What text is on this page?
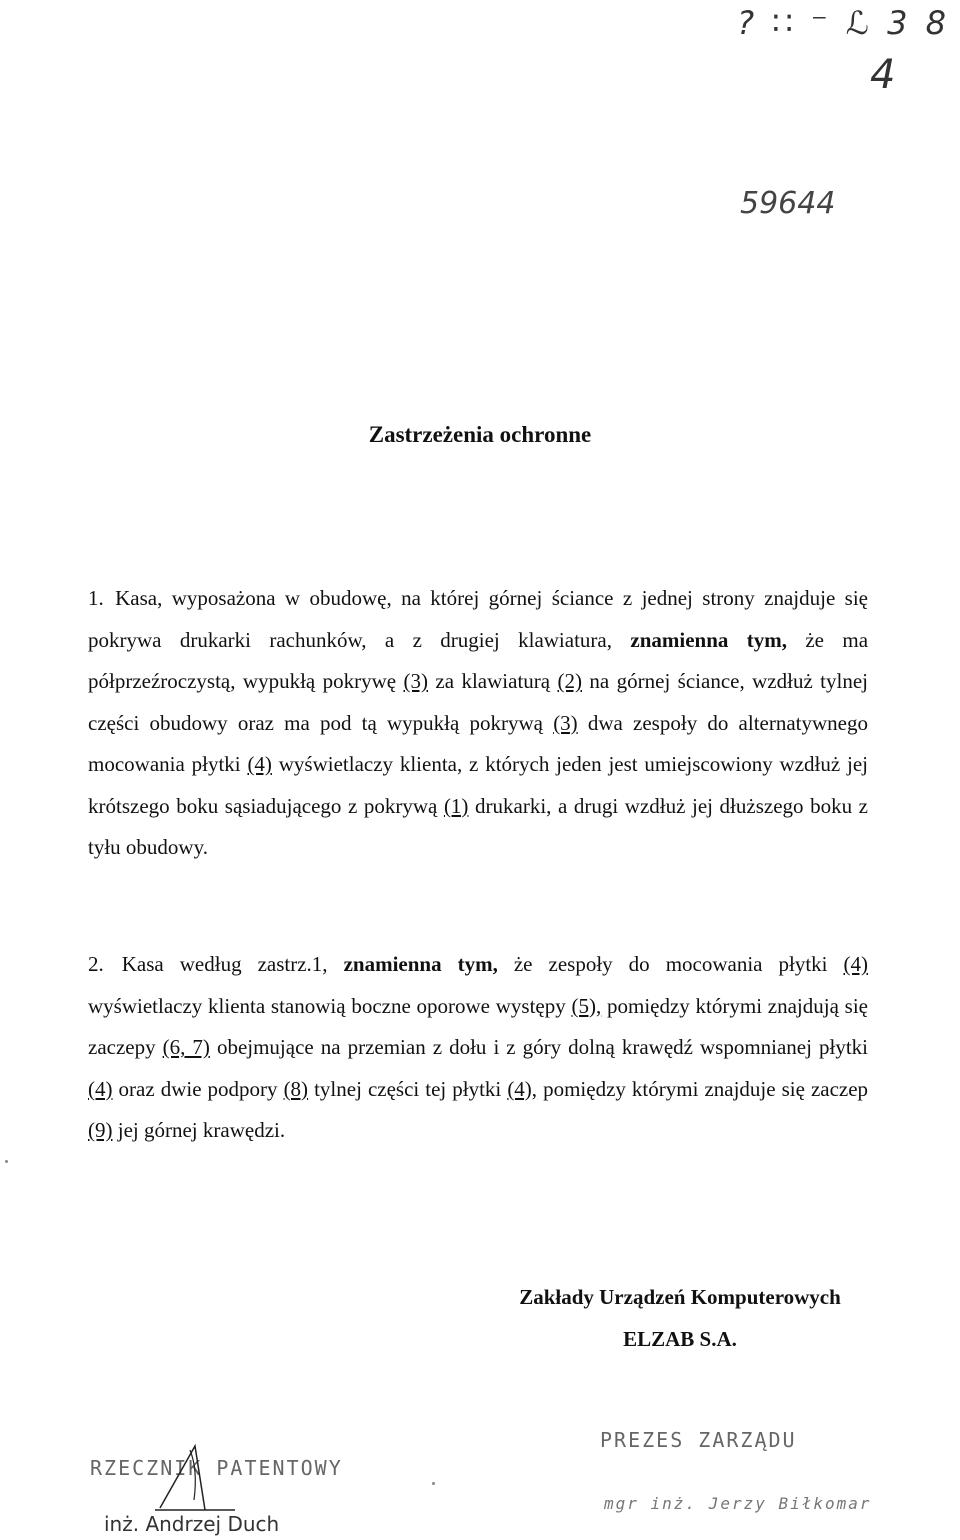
? ∷ ⁻ ℒ 3 8
4
59644
Zastrzeżenia ochronne
1. Kasa, wyposażona w obudowę, na której górnej ściance z jednej strony znajduje się pokrywa drukarki rachunków, a z drugiej klawiatura, znamienna tym, że ma półprzeźroczystą, wypukłą pokrywę (3) za klawiaturą (2) na górnej ściance, wzdłuż tylnej części obudowy oraz ma pod tą wypukłą pokrywą (3) dwa zespoły do alternatywnego mocowania płytki (4) wyświetlaczy klienta, z których jeden jest umiejscowiony wzdłuż jej krótszego boku sąsiadującego z pokrywą (1) drukarki, a drugi wzdłuż jej dłuższego boku z tyłu obudowy.
2. Kasa według zastrz.1, znamienna tym, że zespoły do mocowania płytki (4) wyświetlaczy klienta stanowią boczne oporowe występy (5), pomiędzy którymi znajdują się zaczepy (6, 7) obejmujące na przemian z dołu i z góry dolną krawędź wspomnianej płytki (4) oraz dwie podpory (8) tylnej części tej płytki (4), pomiędzy którymi znajduje się zaczep (9) jej górnej krawędzi.
Zakłady Urządzeń Komputerowych
ELZAB S.A.
RZECZNIK PATENTOWY
inż. Andrzej Duch
PREZES ZARZĄDU
mgr inż. Jerzy Biłkomar
